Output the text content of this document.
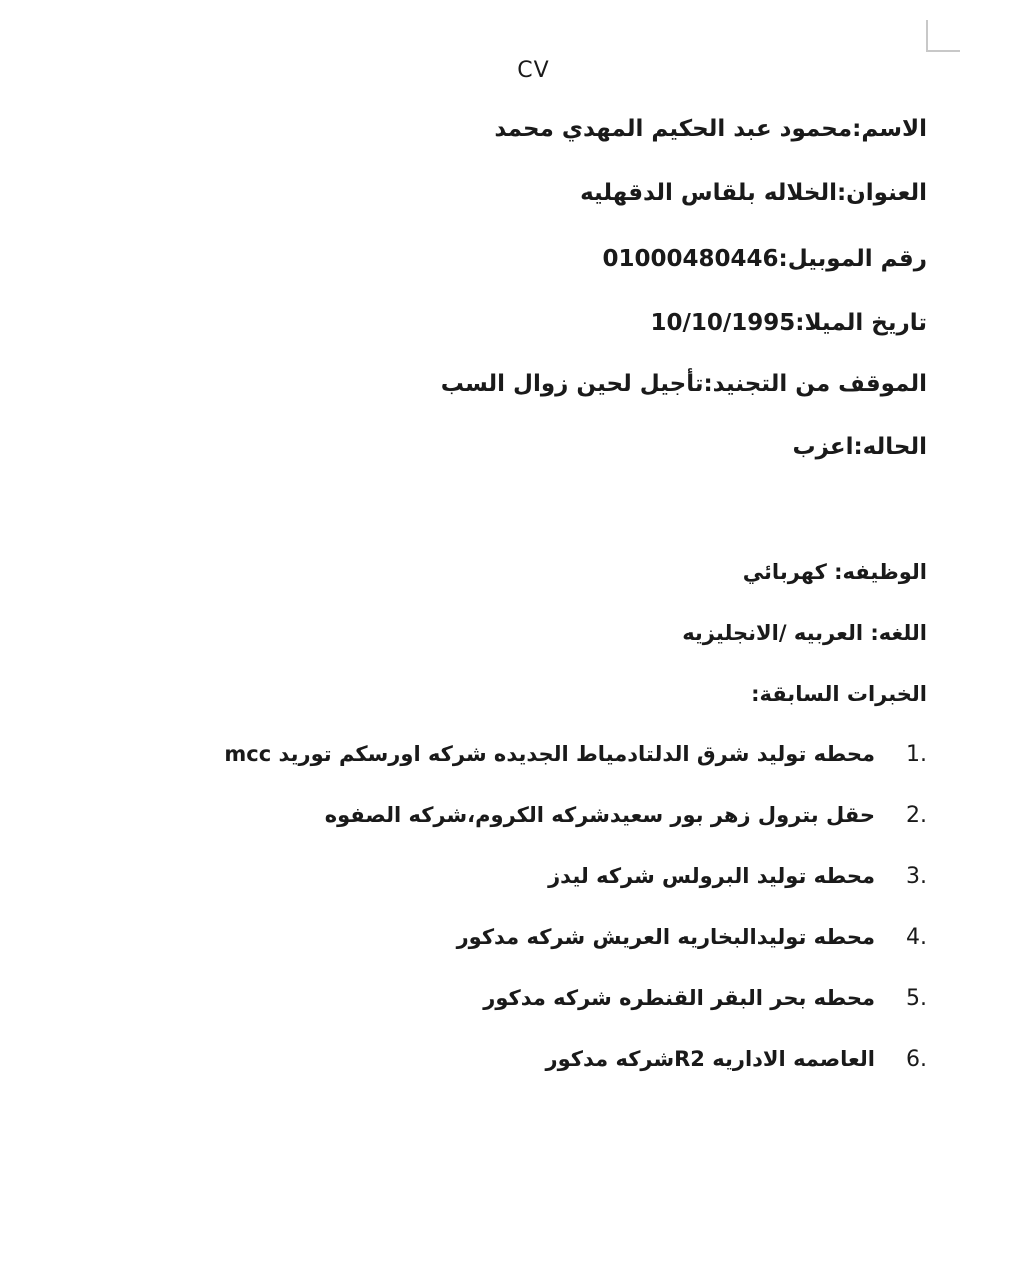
CV
الاسم:محمود عبد الحكيم المهدي محمد
العنوان:الخلاله بلقاس الدقهليه
رقم الموبيل:01000480446
تاريخ الميلا:10/10/1995
الموقف من التجنيد:تأجيل لحين زوال السب
الحاله:اعزب
الوظيفه: كهربائي
اللغه: العربيه /الانجليزيه
الخبرات السابقة:
.1
محطه توليد شرق الدلتادمياط الجديده شركه اورسكم توريد mcc
.2
حقل بترول زهر بور سعيدشركه الكروم،شركه الصفوه
.3
محطه توليد البرولس شركه ليدز
.4
محطه توليدالبخاريه العريش شركه مدكور
.5
محطه بحر البقر القنطره شركه مدكور
.6
العاصمه الاداريه R2شركه مدكور
